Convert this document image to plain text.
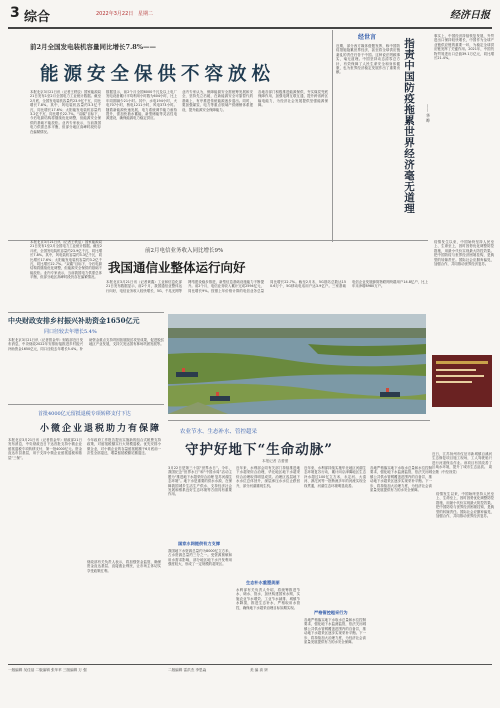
3 综合	2022年3月22日 星期二	经济日报
前2月全国发电装机容量同比增长7.8%——
能源安全保供不容放松
本报北京3月21日讯（记者王轶辰）国家能源局21日发布1至2月全国电力工业统计数据。截至2月底，全国发电装机容量约23.9亿千瓦，同比增长7.8%。其中，风电装机容量约3.3亿千瓦，同比增长17.6%；太阳能发电装机容量约3.2亿千瓦，同比增长22.7%。“双碳”目标下，今后电源结构将继续优化调整，但能源安全保供的基础不能放松。业内专家表示，当前我国电力供需总体平衡，但部分地区高峰时段仍存在偏紧情况。
数据显示，前2个月全国6000千瓦及以上电厂发电设备累计平均利用小时数为604小时，比上年同期减少21小时。其中，水电194小时，火电707小时，核电1211小时，风电373小时。随着新能源快速发展，电力系统调节能力亟待提升，需加快抽水蓄能、新型储能等灵活性电源建设，确保能源电力稳定供应。
业内专家认为，保障能源安全需统筹发展和安全，坚持先立后破，在新能源安全可靠替代的基础上，有序推进传统能源逐步退出。同时，要加强煤炭、电力等重点领域产供储销体系建设，提升能源安全保障能力。
各地各部门积极推进能源保供，夯实煤炭兜底保障作用，加强电网互联互通，提升跨省跨区输电能力，为经济社会发展提供坚强能源保障。
经世言
近期，部分西方媒体借题发挥，称中国防疫措施拖累世界经济，甚至将全球供应链紊乱的责任归咎于中国。这种说法罔顾事实，毫无道理。中国坚持动态清零总方针，有效保障了人民生命安全和身体健康，也为世界经济稳定发展作出了重要贡献。	指责中国防疫拖累世界经济毫无道理	—— 华 晔
事实上，中国经济持续恢复发展，外贸进出口保持较快增长，中国作为全球产业链供应链的重要一环，为稳定全球供应链发挥了关键作用。2021年，中国货物贸易进出口总值39.1万亿元，同比增长21.4%。
疫情发生以来，中国始终坚持人民至上、生命至上，因时因势优化调整防控措施，用最小代价实现最大防控效果。把中国防疫与世界经济困境挂钩，是典型的转嫁责任。国际社会应摒弃偏见，加强合作，共同推动世界经济复苏。
前2月电信业务收入同比增长9%
我国通信业整体运行向好
本报北京3月21日讯（记者王轶辰）国家能源局21日发布1至2月全国电力工业统计数据。截至2月底，全国发电装机容量约23.9亿千瓦，同比增长7.8%。其中，风电装机容量约3.3亿千瓦，同比增长17.6%；太阳能发电装机容量约3.2亿千瓦，同比增长22.7%。“双碳”目标下，今后电源结构将继续优化调整，但能源安全保供的基础不能放松。业内专家表示，当前我国电力供需总体平衡，但部分地区高峰时段仍存在偏紧情况。
本报北京3月21日讯（记者黄鑫）工业和信息化部21日发布数据显示，前2个月，我国通信业整体运行向好，电信业务收入较快增长，5G、千兆光网等网络建设稳步推进，新型信息基础设施能力不断提升。前2个月，电信业务收入累计完成2594亿元，同比增长9%。按照上年价格计算的电信业务总量同比增长22.7%。截至2月末，5G基站总数达150.6万个，5G移动电话用户达3.9亿户。三家基础电信企业发展蜂窝物联网终端用户14.8亿户，比上年末净增8980万户。
近日，江苏扬州市仪征市新城镇百溪河生态修复项目施工现场，工人驾驶船只进行河道保洁作业。该项目有效改善了区域水环境，提升了城市生态品质。 周 全摄（中经视觉）
中央财政安排乡村振兴补助资金1650亿元
同口径较去年增长5.4%
本报北京3月21日讯（记者曾金华）财政部近日发布消息，中央财政2022年安排衔接推进乡村振兴补助资金1650亿元，同口径较去年增长5.4%。补助资金重点支持巩固拓展脱贫攻坚成果，促进脱贫地区产业发展，支持欠发达国有林场巩固发展等。
首批4000亿元留抵退税专项转移支付下达
小微企业退税助力有保障
本报北京3月21日讯（记者曾金华）财政部21日发布消息，中央财政近日下达首批支持小微企业留抵退税专项转移支付，第一批4000亿元。资金直达市县基层，用于支持小微企业留抵退税和基层“三保”。
今年政府工作报告提出实施新的组合式税费支持政策，对留抵税额实行大规模退税。优先安排小微企业，对小微企业的存量留抵税额于6月底前一次性全部退还，增量留抵税额足额退还。
财政部有关负责人表示，将加强资金监管，确保资金直达基层、直接惠企利民，让市场主体切实享受政策红利。
农业节水、生态补水、管控超采
守护好地下“生命动脉”
本报记者 吉蕾蕾
3月22日是第三十届“世界水日”。今年，我国纪念“世界水日”和“中国水周”活动主题为“推进地下水超采综合治理 复苏河湖生态环境”。地下水是重要的供水水源，在保障我国城乡生活生产供水、支持经济社会发展和维系良好生态环境等方面具有重要作用。
国家水网提供有力支撑
我国地下水资源总量约为8000亿立方米，占水资源总量约三分之一。受资源禀赋和用水需求影响，部分地区地下水开发利用强度较大，形成了一定规模的超采区。
近年来，水利部会同有关部门持续推进地下水超采综合治理，华北地区地下水超采综合治理取得明显成效。治理区浅层地下水水位总体回升，深层承压水水位止跌回升，部分河湖重现生机。
生态补水重塑美丽
水利部有关负责人介绍，将统筹推进节水、调水、管水，加快构建国家水网，实施农业节水增效、工业节水减排、城镇节水降损，推进生态补水，严格取用水管控，确保地下水超采治理目标如期实现。
近年来，水利部持续实施华北地区河湖生态环境复苏行动，累计向京津冀地区生态补水超过100亿立方米，永定河、大清河、滹沱河等一批断流多年的河流实现全线贯通，河湖生态环境明显改善。
严格管控超采行为
各地严格落实地下水取水总量和水位控制要求，强化地下水监测监管，依法关闭城镇公共供水管网覆盖范围内的自备井，推动地下水超采区逐步实现采补平衡。下一步，将持续加大治理力度，为经济社会高质量发展提供有力的水安全保障。
各地严格落实地下水取水总量和水位控制要求，强化地下水监测监管，依法关闭城镇公共供水管网覆盖范围内的自备井，推动地下水超采区逐步实现采补平衡。下一步，将持续加大治理力度，为经济社会高质量发展提供有力的水安全保障。
疫情发生以来，中国始终坚持人民至上、生命至上，因时因势优化调整防控措施，用最小代价实现最大防控效果。把中国防疫与世界经济困境挂钩，是典型的转嫁责任。国际社会应摒弃偏见，加强合作，共同推动世界经济复苏。
一版编辑 吴佳蓓 二版编辑 张苹苹 三版编辑 万 强	二版编辑 雷洪杰 李思淼	美 编 高 妍
